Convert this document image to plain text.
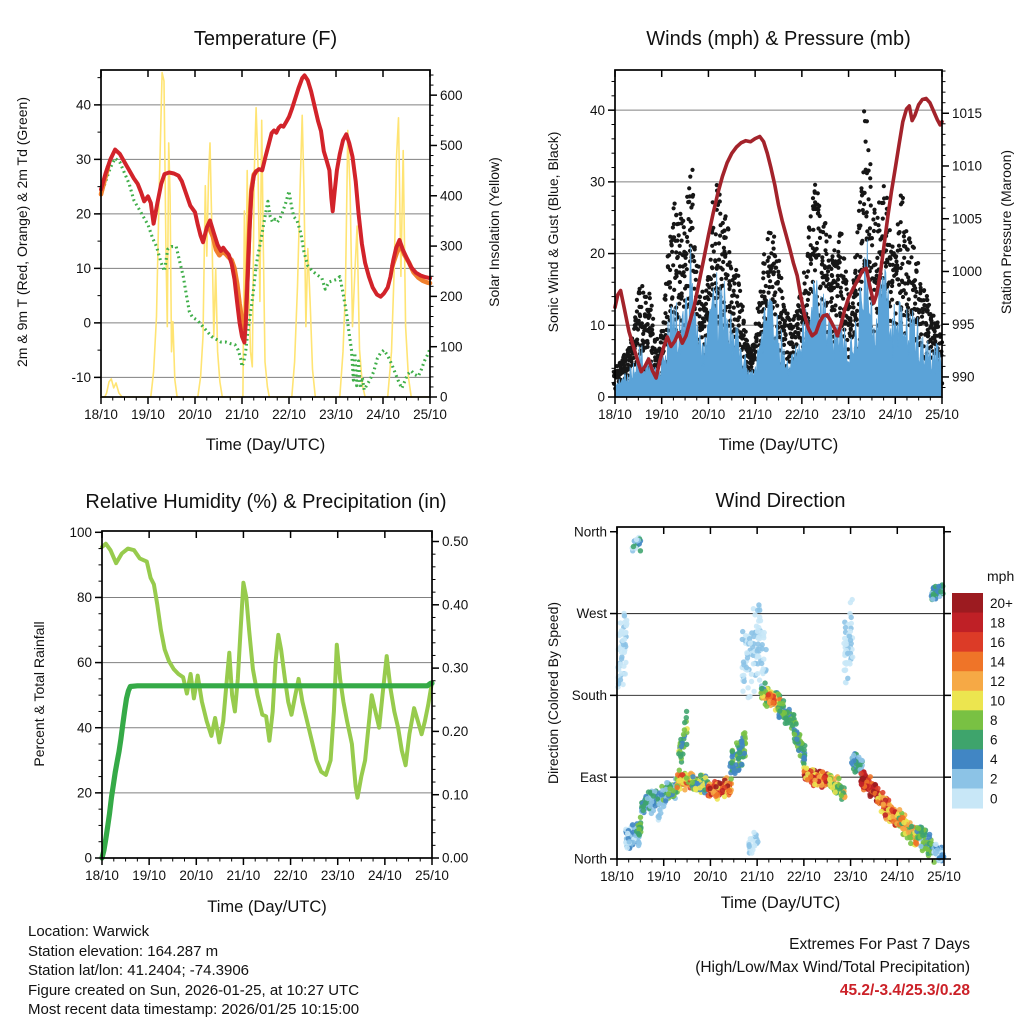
18/10 19/10 20/10 21/10 22/10 23/10 24/10 25/10
-10
0
10
20
30
40
0
100
200
300
400
500
600
Temperature (F)
2m & 9m T (Red, Orange) & 2m Td (Green)	Solar Insolation (Yellow)
Time (Day/UTC)
18/10 19/10 20/10 21/10 22/10 23/10 24/10 25/10
0
10
20
30
40
990
995
1000
1005
1010
1015
Winds (mph) & Pressure (mb)
Sonic Wind & Gust (Blue, Black)	Station Pressure (Maroon)
Time (Day/UTC)
18/10 19/10 20/10 21/10 22/10 23/10 24/10 25/10
0
20
40
60
80
100
0.00
0.10
0.20
0.30
0.40
0.50
Relative Humidity (%) & Precipitation (in)
Percent & Total Rainfall
Time (Day/UTC)
18/10 19/10 20/10 21/10 22/10 23/10 24/10 25/10
North
West
South
East
North
20+
18
16
14
12
10
8
6
4
2
0
Wind Direction
Direction (Colored By Speed)
Time (Day/UTC)
mph
Location: Warwick
Station elevation: 164.287 m
Station lat/lon: 41.2404; -74.3906
Figure created on Sun, 2026-01-25, at 10:27 UTC
Most recent data timestamp: 2026/01/25 10:15:00
Extremes For Past 7 Days
(High/Low/Max Wind/Total Precipitation)
45.2/-3.4/25.3/0.28
